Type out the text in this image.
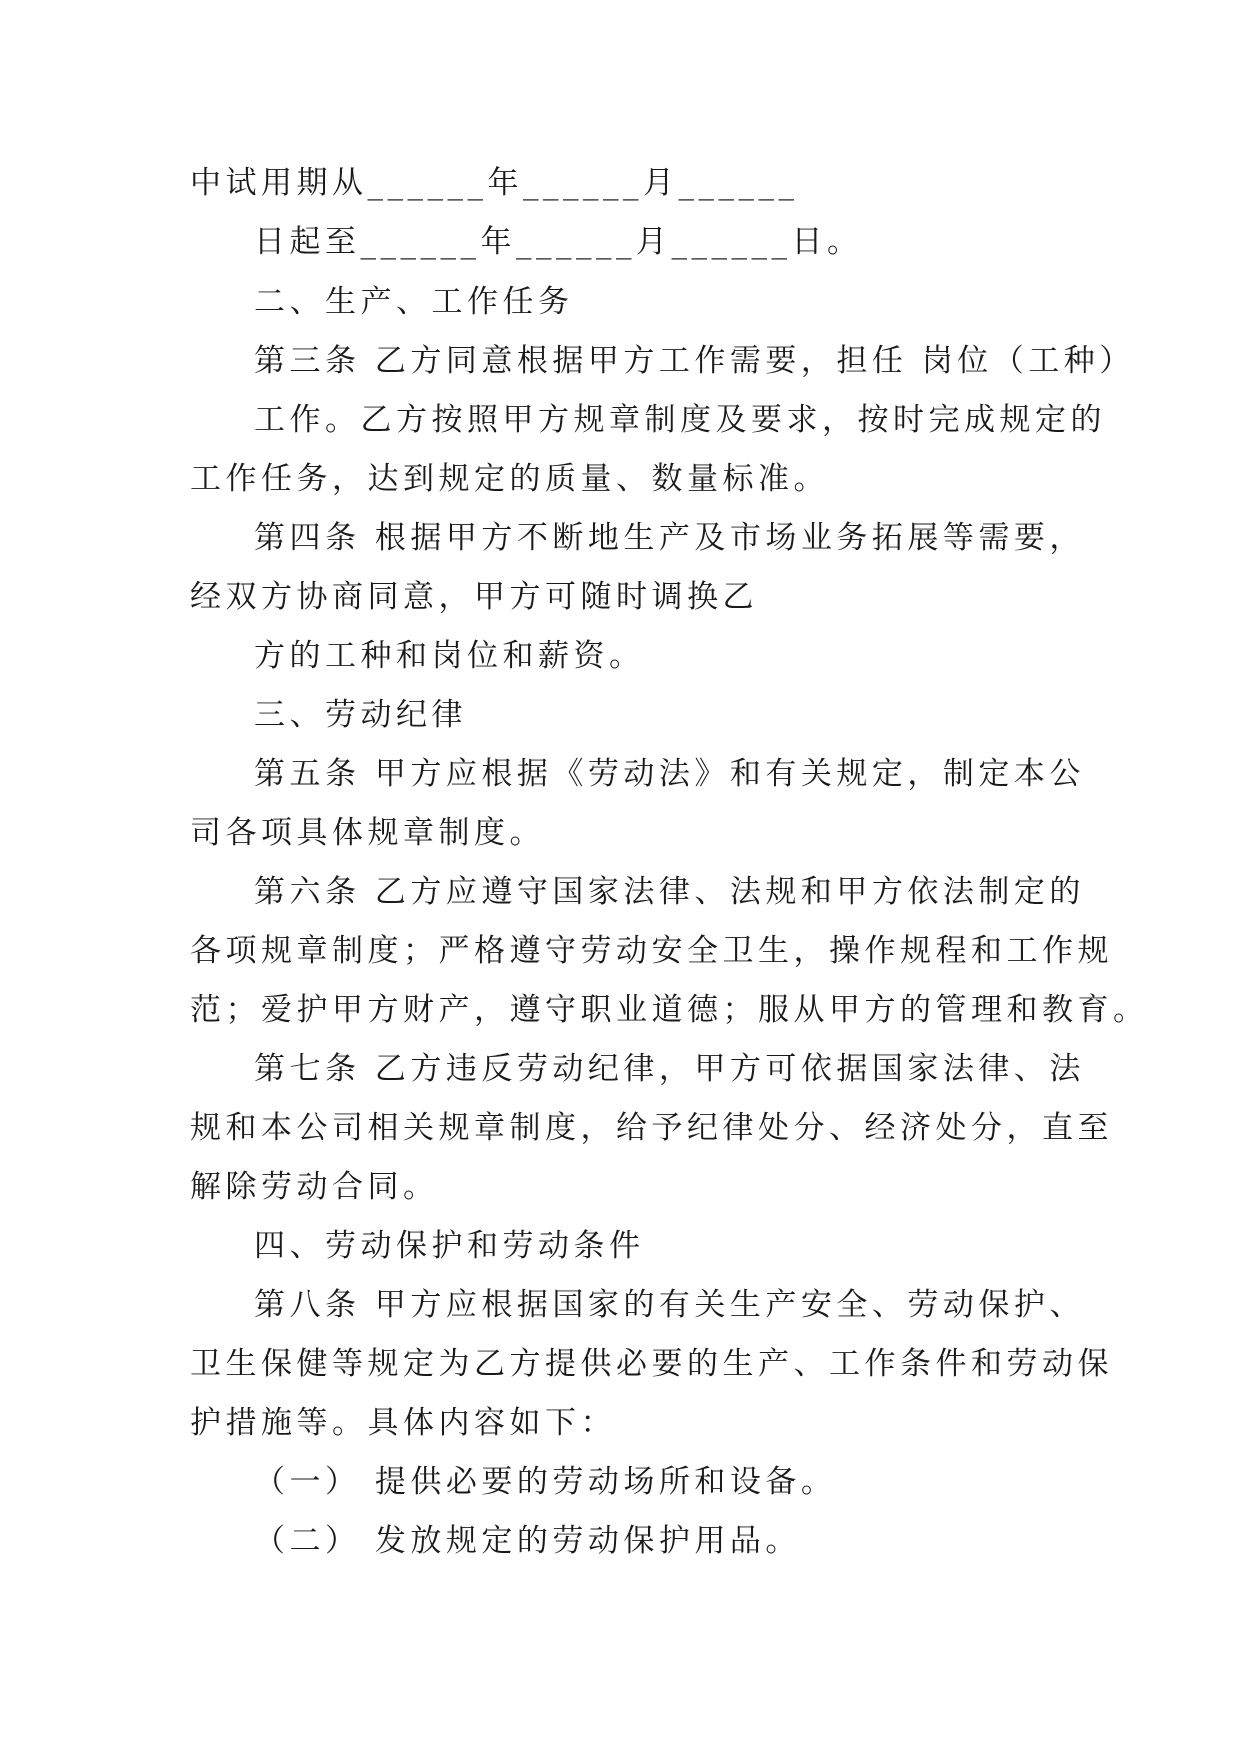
中试用期从______年______月______
日起至______年______月______日。
二、生产、工作任务
第三条 乙方同意根据甲方工作需要，担任 岗位（工种）
工作。乙方按照甲方规章制度及要求，按时完成规定的
工作任务，达到规定的质量、数量标准。
第四条 根据甲方不断地生产及市场业务拓展等需要，
经双方协商同意，甲方可随时调换乙
方的工种和岗位和薪资。
三、劳动纪律
第五条 甲方应根据《劳动法》和有关规定，制定本公
司各项具体规章制度。
第六条 乙方应遵守国家法律、法规和甲方依法制定的
各项规章制度；严格遵守劳动安全卫生，操作规程和工作规
范；爱护甲方财产，遵守职业道德；服从甲方的管理和教育。
第七条 乙方违反劳动纪律，甲方可依据国家法律、法
规和本公司相关规章制度，给予纪律处分、经济处分，直至
解除劳动合同。
四、劳动保护和劳动条件
第八条 甲方应根据国家的有关生产安全、劳动保护、
卫生保健等规定为乙方提供必要的生产、工作条件和劳动保
护措施等。具体内容如下：
（一） 提供必要的劳动场所和设备。
（二） 发放规定的劳动保护用品。
